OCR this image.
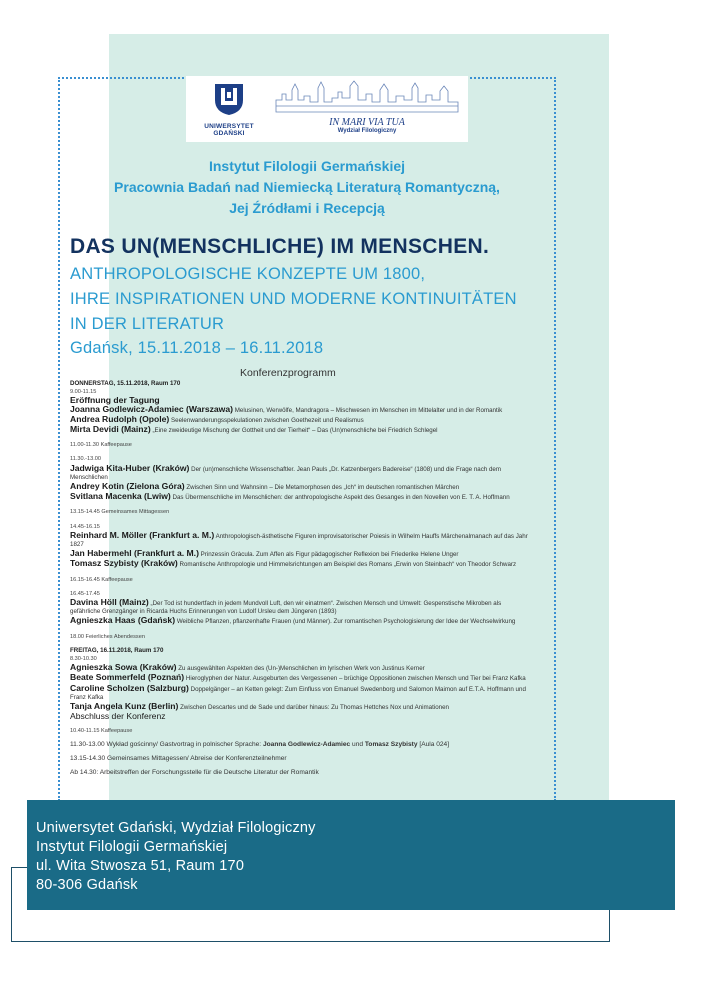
UNIWERSYTET GDAŃSKI
IN MARI VIA TUA
Wydział Filologiczny
Instytut Filologii Germańskiej
Pracownia Badań nad Niemiecką Literaturą Romantyczną,
Jej Źródłami i Recepcją
DAS UN(MENSCHLICHE) IM MENSCHEN.
ANTHROPOLOGISCHE KONZEPTE UM 1800,
IHRE INSPIRATIONEN UND MODERNE KONTINUITÄTEN
IN DER LITERATUR
Gdańsk, 15.11.2018 – 16.11.2018
Konferenzprogramm
DONNERSTAG, 15.11.2018, Raum 170
9.00-11.15
Eröffnung der Tagung
Joanna Godlewicz-Adamiec (Warszawa) Melusinen, Werwölfe, Mandragora – Mischwesen im Menschen im Mittelalter und in der Romantik
Andrea Rudolph (Opole) Seelenwanderungsspekulationen zwischen Goethezeit und Realismus
Mirta Devidi (Mainz) „Eine zweideutige Mischung der Gottheit und der Tierheit“ – Das (Un)menschliche bei Friedrich Schlegel
11.00-11.30 Kaffeepause
11.30.-13.00
Jadwiga Kita-Huber (Kraków) Der (un)menschliche Wissenschaftler. Jean Pauls „Dr. Katzenbergers Badereise“ (1808) und die Frage nach dem
Menschlichen
Andrey Kotin (Zielona Góra) Zwischen Sinn und Wahnsinn – Die Metamorphosen des „Ich“ im deutschen romantischen Märchen
Svitlana Macenka (Lwiw) Das Übermenschliche im Menschlichen: der anthropologische Aspekt des Gesanges in den Novellen von E. T. A. Hoffmann
13.15-14.45 Gemeinsames Mittagessen
14.45-16.15
Reinhard M. Möller (Frankfurt a. M.) Anthropologisch-ästhetische Figuren improvisatorischer Poiesis in Wilhelm Hauffs Märchenalmanach auf das Jahr
1827
Jan Habermehl (Frankfurt a. M.) Prinzessin Gràcula. Zum Affen als Figur pädagogischer Reflexion bei Friederike Helene Unger
Tomasz Szybisty (Kraków) Romantische Anthropologie und Himmelsrichtungen am Beispiel des Romans „Erwin von Steinbach“ von Theodor Schwarz
16.15-16.45 Kaffeepause
16.45-17.45
Davina Höll (Mainz) „Der Tod ist hundertfach in jedem Mundvoll Luft, den wir einatmen“. Zwischen Mensch und Umwelt: Gespenstische Mikroben als
gefährliche Grenzgänger in Ricarda Huchs Erinnerungen von Ludolf Ursleu dem Jüngeren (1893)
Agnieszka Haas (Gdańsk) Weibliche Pflanzen, pflanzenhafte Frauen (und Männer). Zur romantischen Psychologisierung der Idee der Wechselwirkung
18.00 Feierliches Abendessen
FREITAG, 16.11.2018, Raum 170
8.30-10.30
Agnieszka Sowa (Kraków) Zu ausgewählten Aspekten des (Un-)Menschlichen im lyrischen Werk von Justinus Kerner
Beate Sommerfeld (Poznań) Hieroglyphen der Natur. Ausgeburten des Vergessenen – brüchige Oppositionen zwischen Mensch und Tier bei Franz Kafka
Caroline Scholzen (Salzburg) Doppelgänger – an Ketten gelegt: Zum Einfluss von Emanuel Swedenborg und Salomon Maimon auf E.T.A. Hoffmann und
Franz Kafka
Tanja Angela Kunz (Berlin) Zwischen Descartes und de Sade und darüber hinaus: Zu Thomas Hettches Nox und Animationen
Abschluss der Konferenz
10.40-11.15 Kaffeepause
11.30-13.00 Wykład gościnny/ Gastvortrag in polnischer Sprache: Joanna Godlewicz-Adamiec und Tomasz Szybisty [Aula 024]
13.15-14.30 Gemeinsames Mittagessen/ Abreise der Konferenzteilnehmer
Ab 14.30: Arbeitstreffen der Forschungsstelle für die Deutsche Literatur der Romantik
Uniwersytet Gdański, Wydział Filologiczny
Instytut Filologii Germańskiej
ul. Wita Stwosza 51, Raum 170
80-306 Gdańsk
